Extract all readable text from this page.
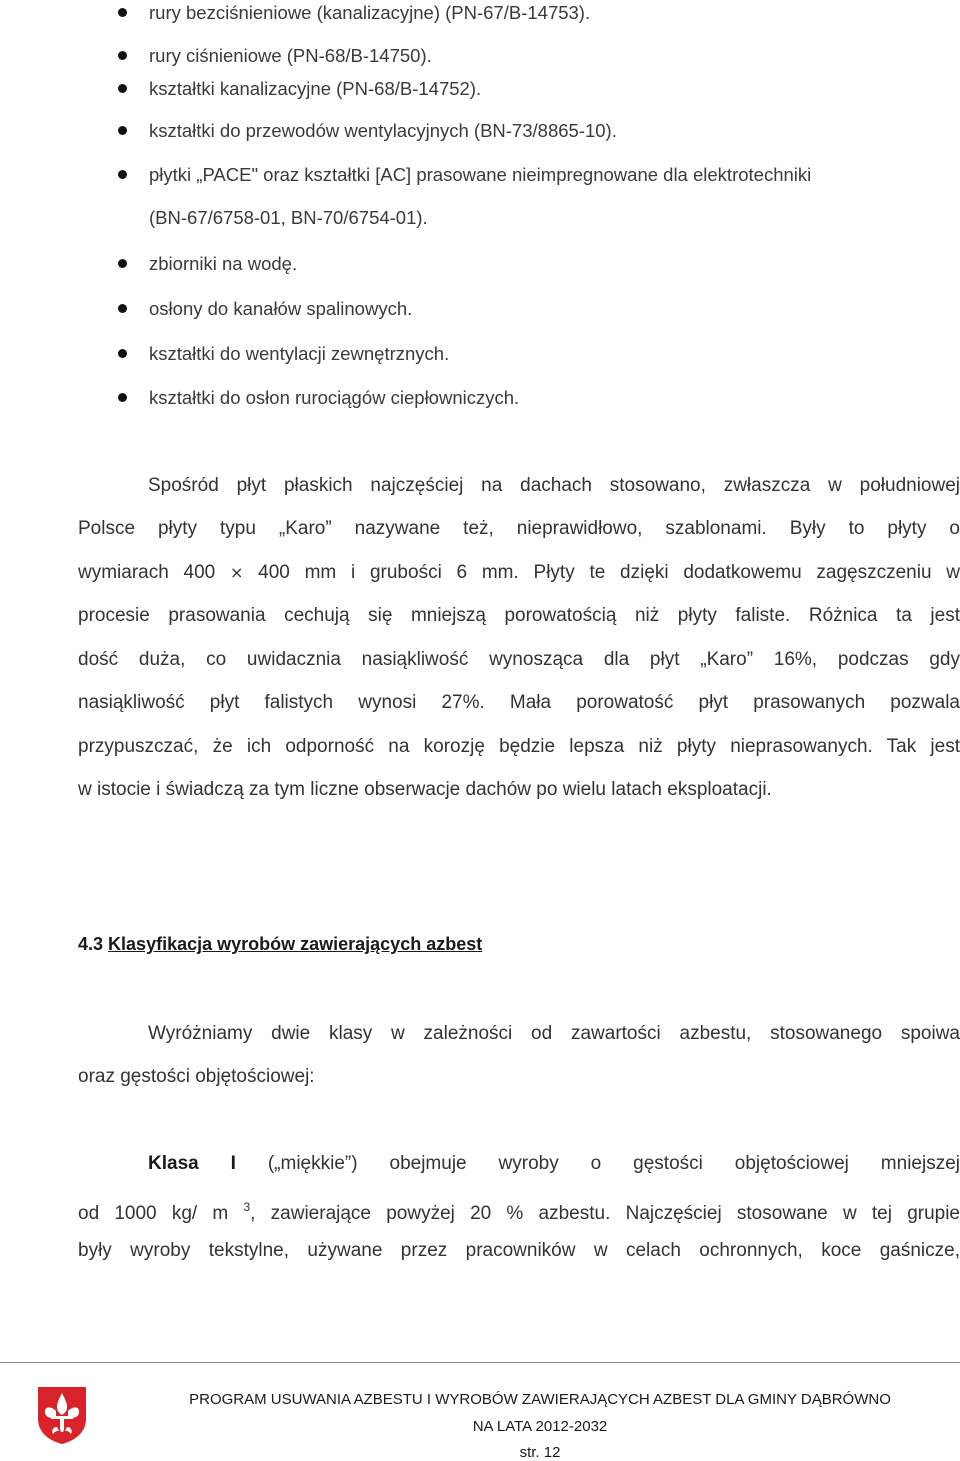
rury bezciśnieniowe (kanalizacyjne) (PN-67/B-14753).
rury ciśnieniowe (PN-68/B-14750).
kształtki kanalizacyjne (PN-68/B-14752).
kształtki do przewodów wentylacyjnych (BN-73/8865-10).
płytki „PACE" oraz kształtki [AC] prasowane nieimpregnowane dla elektrotechniki
(BN-67/6758-01, BN-70/6754-01).
zbiorniki na wodę.
osłony do kanałów spalinowych.
kształtki do wentylacji zewnętrznych.
kształtki do osłon rurociągów ciepłowniczych.
Spośród płyt płaskich najczęściej na dachach stosowano, zwłaszcza w południowej
Polsce płyty typu „Karo” nazywane też, nieprawidłowo, szablonami. Były to płyty o
wymiarach 400 × 400 mm i grubości 6 mm. Płyty te dzięki dodatkowemu zagęszczeniu w
procesie prasowania cechują się mniejszą porowatością niż płyty faliste. Różnica ta jest
dość duża, co uwidacznia nasiąkliwość wynosząca dla płyt „Karo” 16%, podczas gdy
nasiąkliwość płyt falistych wynosi 27%. Mała porowatość płyt prasowanych pozwala
przypuszczać, że ich odporność na korozję będzie lepsza niż płyty nieprasowanych. Tak jest
w istocie i świadczą za tym liczne obserwacje dachów po wielu latach eksploatacji.
4.3 Klasyfikacja wyrobów zawierających azbest
Wyróżniamy dwie klasy w zależności od zawartości azbestu, stosowanego spoiwa
oraz gęstości objętościowej:
Klasa I („miękkie”) obejmuje wyroby o gęstości objętościowej mniejszej
od 1000 kg/ m $^3$, zawierające powyżej 20 % azbestu. Najczęściej stosowane w tej grupie
były wyroby tekstylne, używane przez pracowników w celach ochronnych, koce gaśnicze,
PROGRAM USUWANIA AZBESTU I WYROBÓW ZAWIERAJĄCYCH AZBEST DLA GMINY DĄBRÓWNO
NA LATA 2012-2032
str. 12
